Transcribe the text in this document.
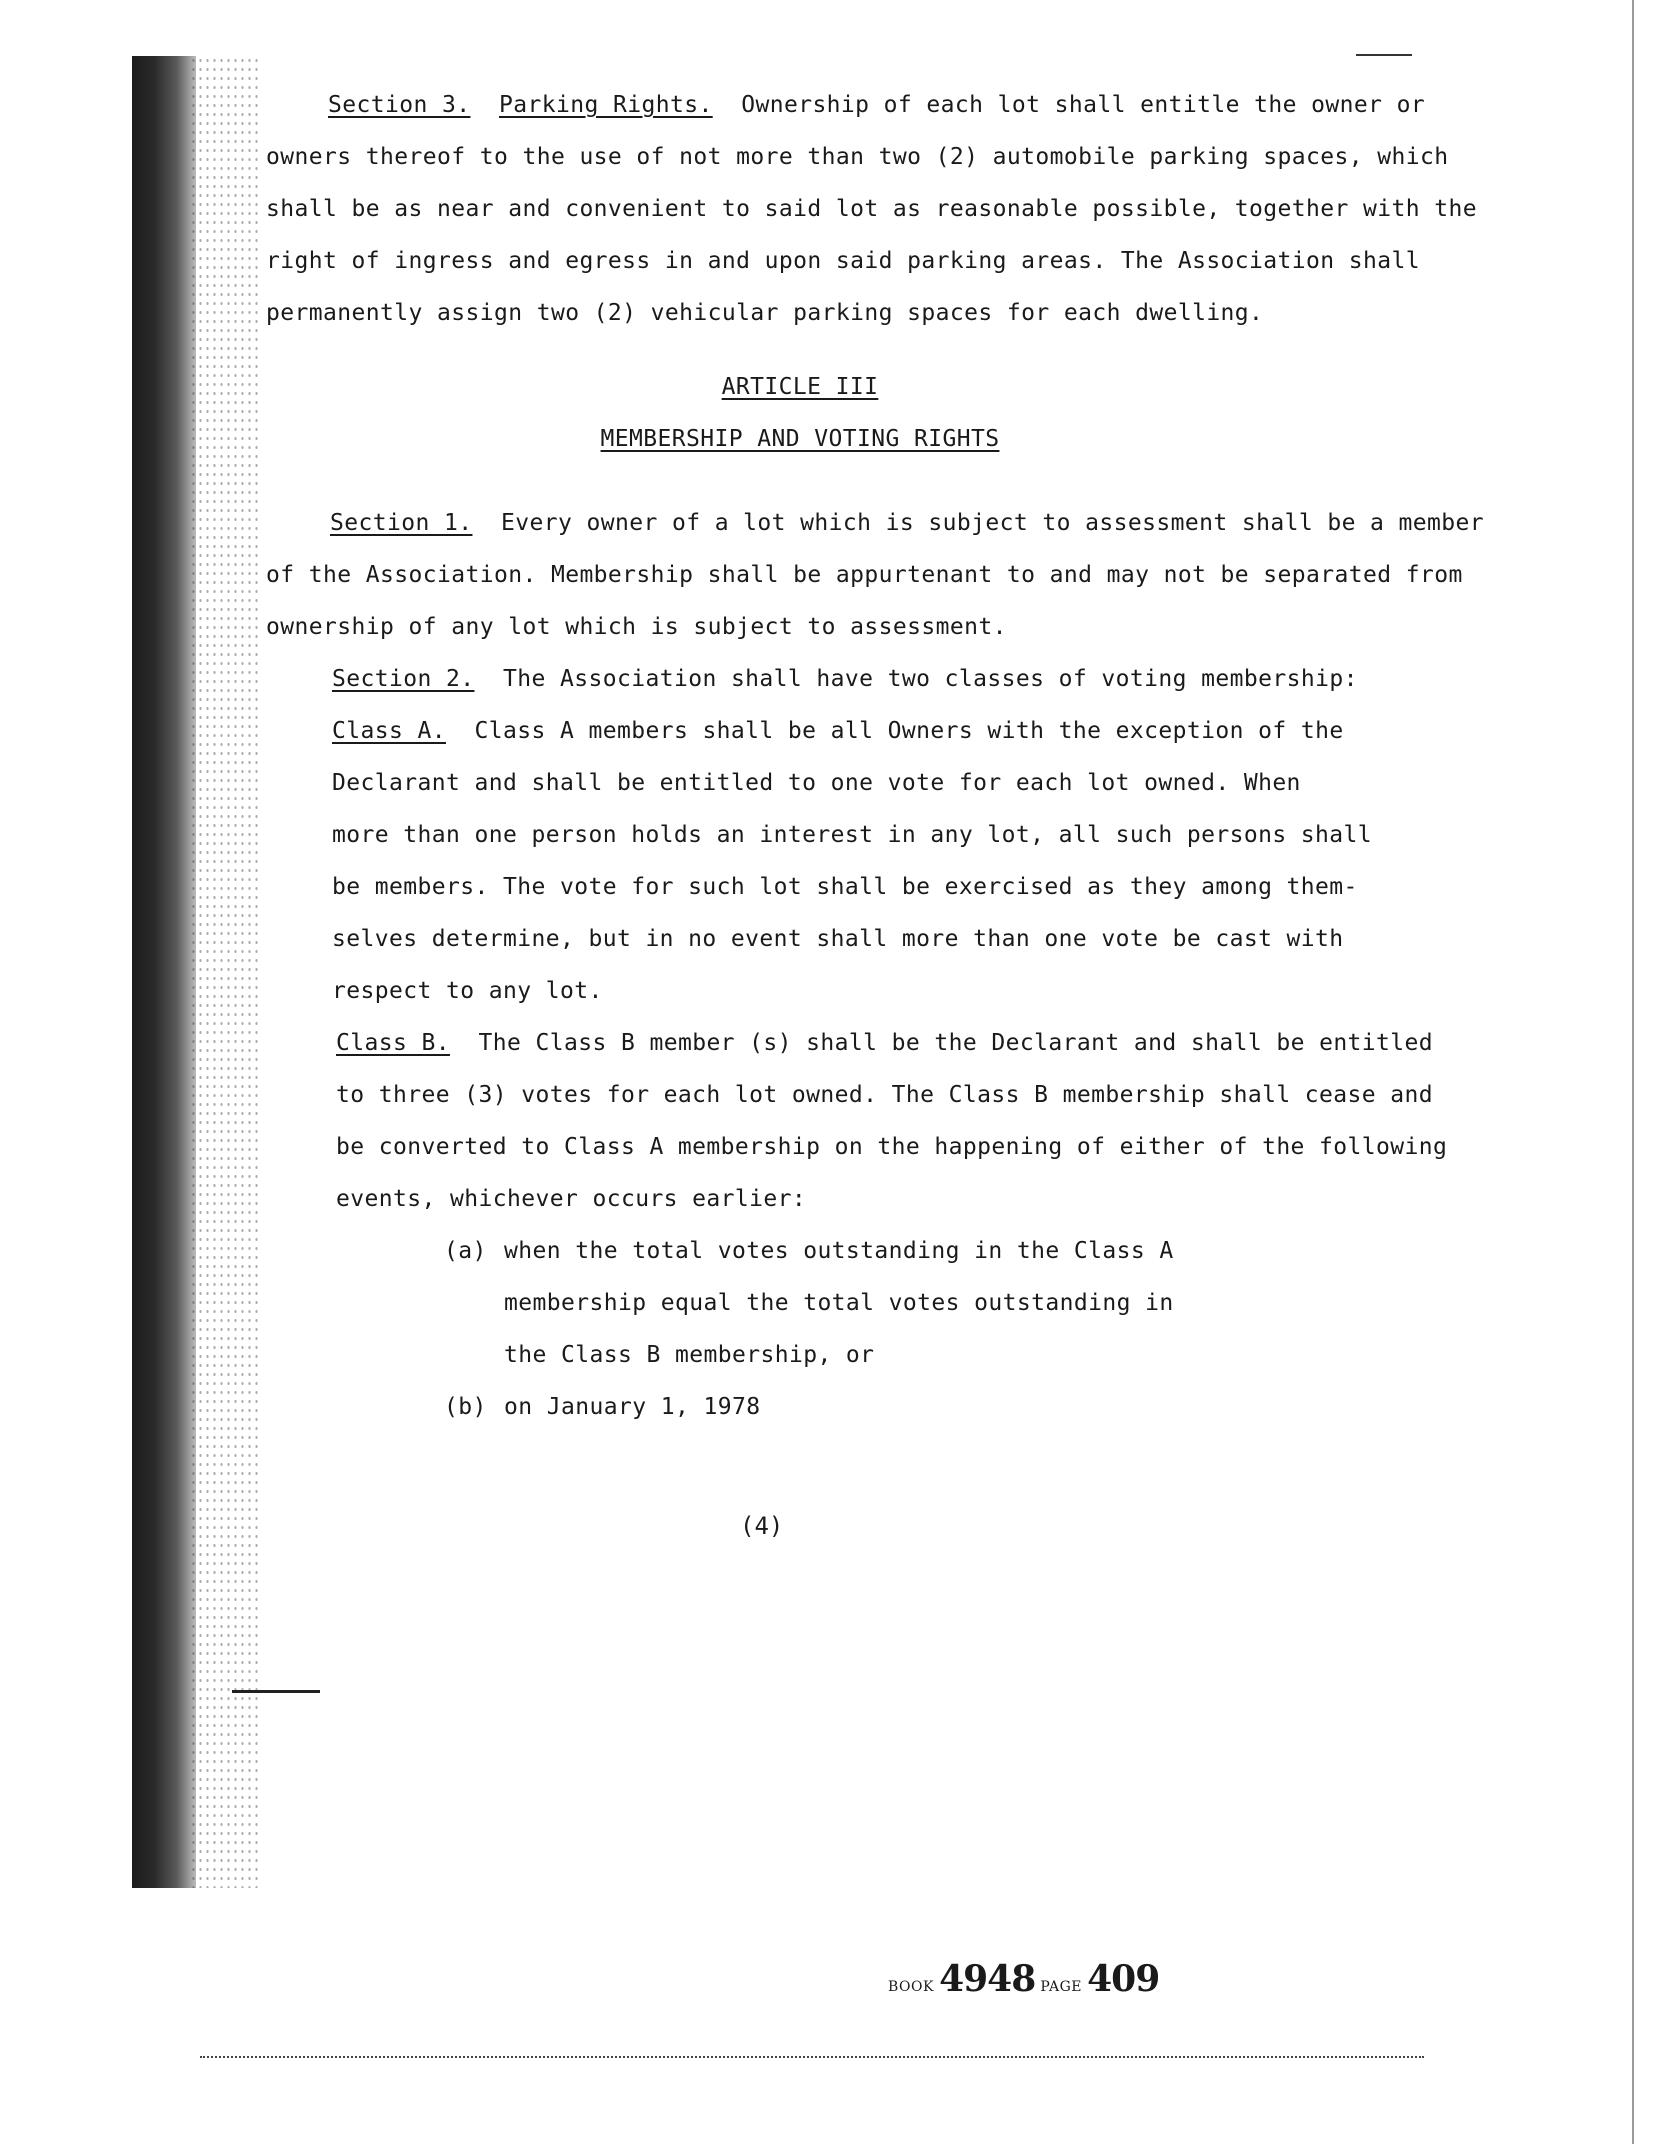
Section 3. Parking Rights. Ownership of each lot shall entitle the owner or
owners thereof to the use of not more than two (2) automobile parking spaces, which
shall be as near and convenient to said lot as reasonable possible, together with the
right of ingress and egress in and upon said parking areas. The Association shall
permanently assign two (2) vehicular parking spaces for each dwelling.
ARTICLE III
MEMBERSHIP AND VOTING RIGHTS
Section 1. Every owner of a lot which is subject to assessment shall be a member
of the Association. Membership shall be appurtenant to and may not be separated from
ownership of any lot which is subject to assessment.
Section 2. The Association shall have two classes of voting membership:
Class A. Class A members shall be all Owners with the exception of the
Declarant and shall be entitled to one vote for each lot owned. When
more than one person holds an interest in any lot, all such persons shall
be members. The vote for such lot shall be exercised as they among them-
selves determine, but in no event shall more than one vote be cast with
respect to any lot.
Class B. The Class B member (s) shall be the Declarant and shall be entitled
to three (3) votes for each lot owned. The Class B membership shall cease and
be converted to Class A membership on the happening of either of the following
events, whichever occurs earlier:
(a) when the total votes outstanding in the Class A
membership equal the total votes outstanding in
the Class B membership, or
(b) on January 1, 1978
(4)
BOOK 4948 PAGE 409
